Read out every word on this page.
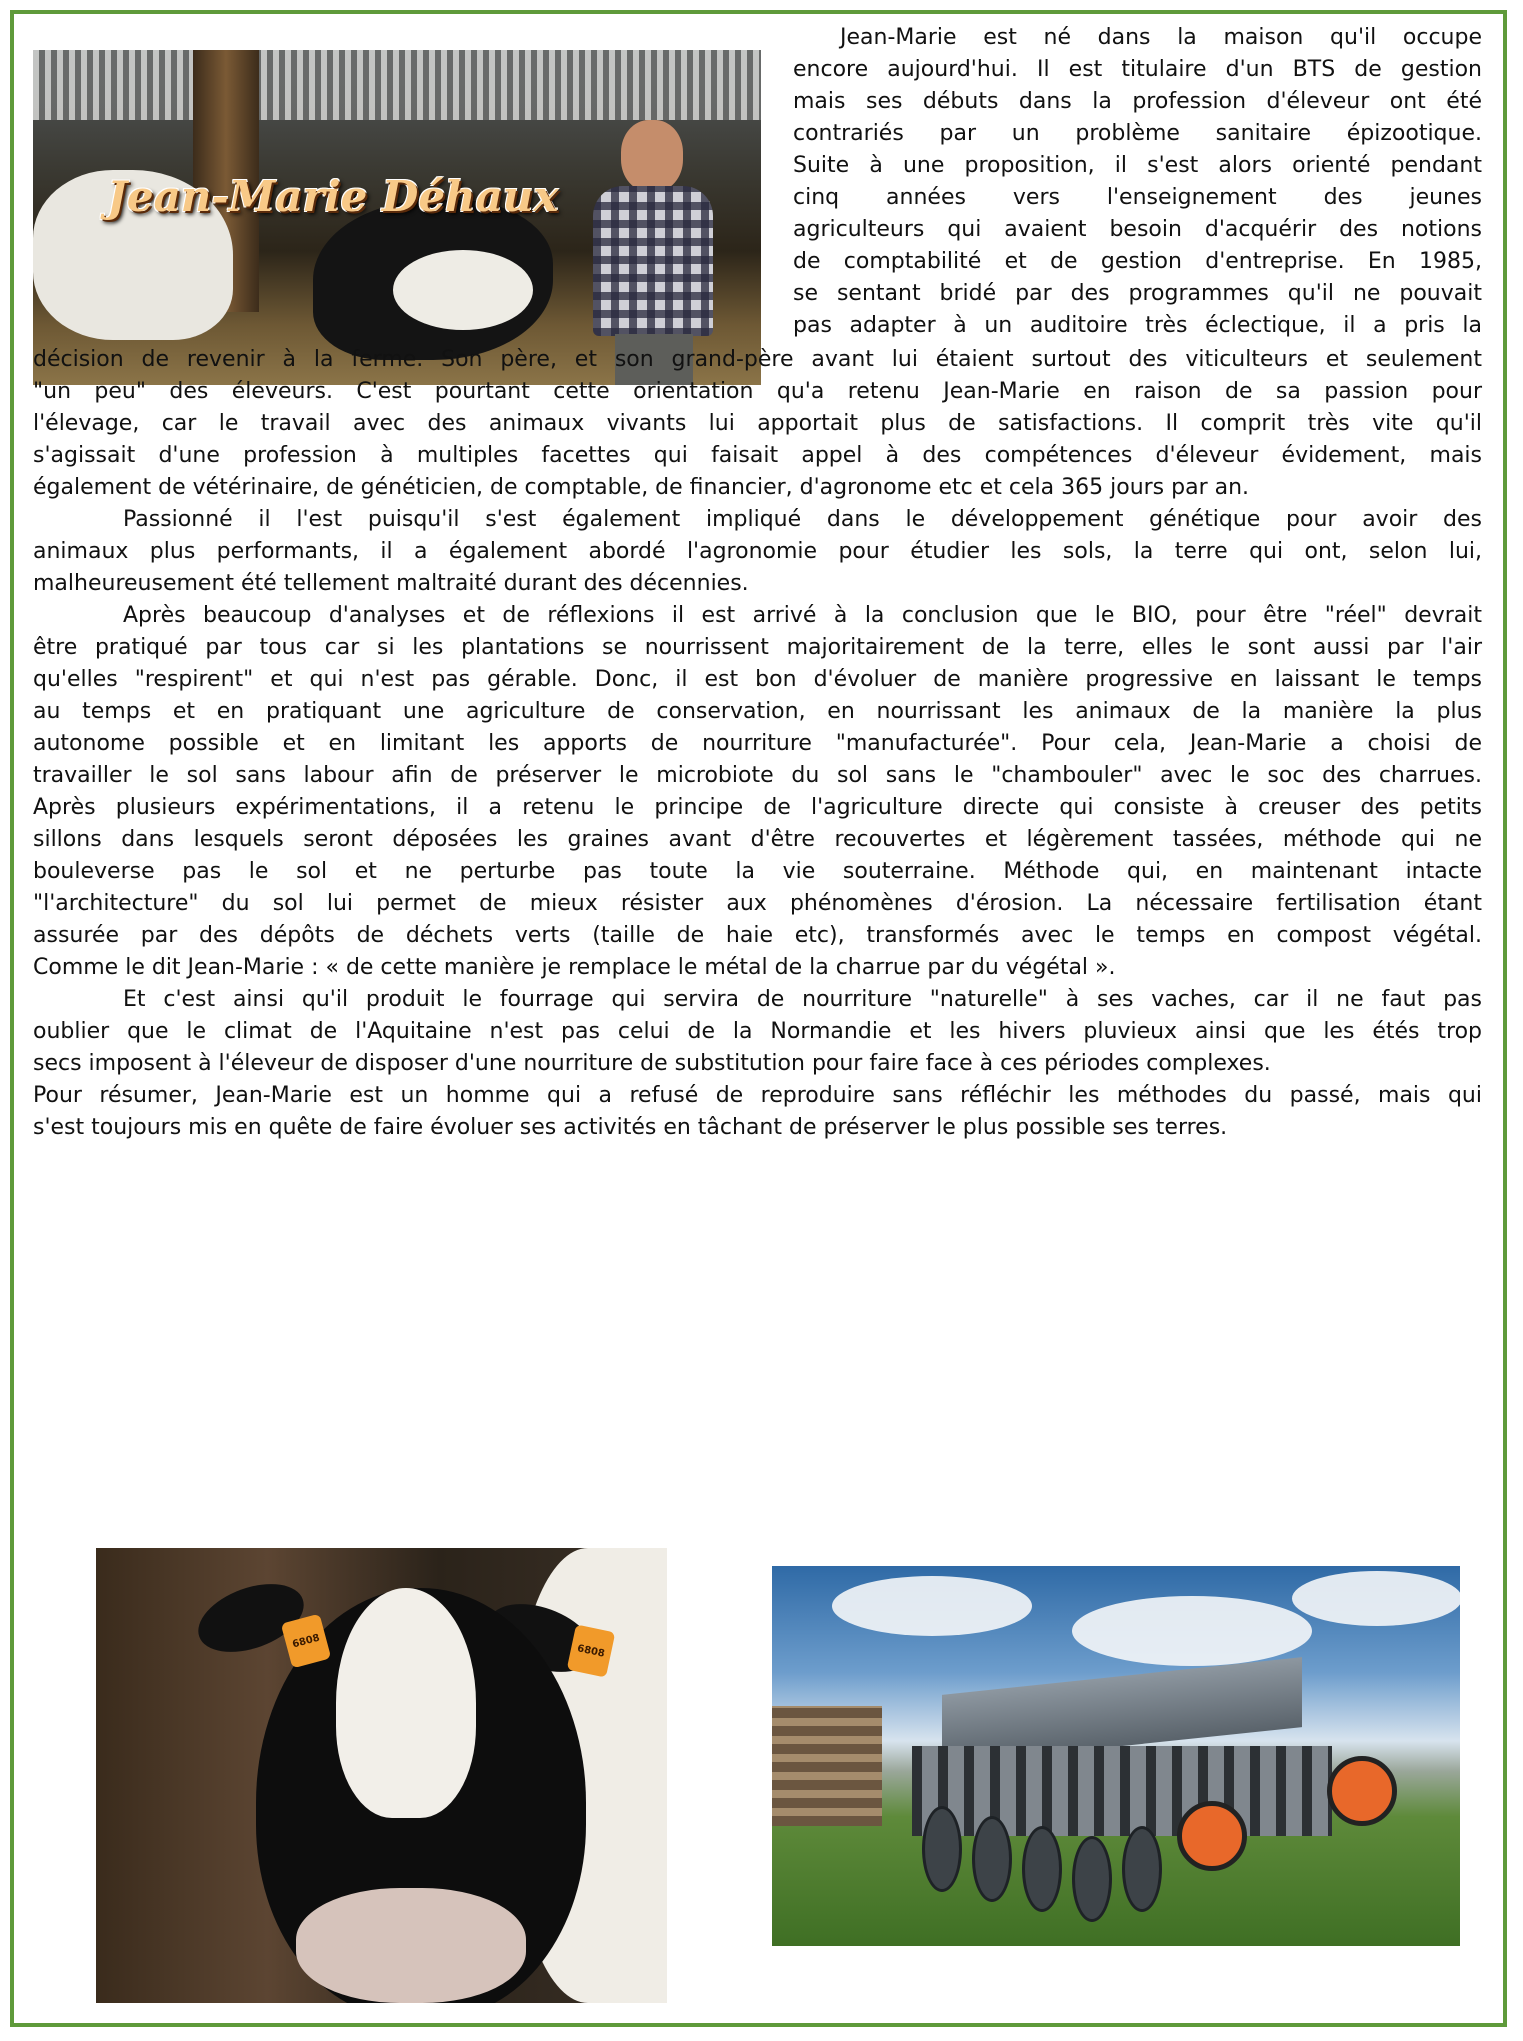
Jean-Marie Déhaux

Jean-Marie est né dans la maison qu'il occupe

encore aujourd'hui. Il est titulaire d'un BTS de gestion

mais ses débuts dans la profession d'éleveur ont été

contrariés par un problème sanitaire épizootique.

Suite à une proposition, il s'est alors orienté pendant

cinq années vers l'enseignement des jeunes

agriculteurs qui avaient besoin d'acquérir des notions

de comptabilité et de gestion d'entreprise. En 1985,

se sentant bridé par des programmes qu'il ne pouvait

pas adapter à un auditoire très éclectique, il a pris la

décision de revenir à la ferme. Son père, et son grand-père avant lui étaient surtout des viticulteurs et seulement

"un peu" des éleveurs. C'est pourtant cette orientation qu'a retenu Jean-Marie en raison de sa passion pour

l'élevage, car le travail avec des animaux vivants lui apportait plus de satisfactions. Il comprit très vite qu'il

s'agissait d'une profession à multiples facettes qui faisait appel à des compétences d'éleveur évidement, mais

également de vétérinaire, de généticien, de comptable, de financier, d'agronome etc et cela 365 jours par an.

Passionné il l'est puisqu'il s'est également impliqué dans le développement génétique pour avoir des

animaux plus performants, il a également abordé l'agronomie pour étudier les sols, la terre qui ont, selon lui,

malheureusement été tellement maltraité durant des décennies.

Après beaucoup d'analyses et de réflexions il est arrivé à la conclusion que le BIO, pour être "réel" devrait

être pratiqué par tous car si les plantations se nourrissent majoritairement de la terre, elles le sont aussi par l'air

qu'elles "respirent" et qui n'est pas gérable. Donc, il est bon d'évoluer de manière progressive en laissant le temps

au temps et en pratiquant une agriculture de conservation, en nourrissant les animaux de la manière la plus

autonome possible et en limitant les apports de nourriture "manufacturée". Pour cela, Jean-Marie a choisi de

travailler le sol sans labour afin de préserver le microbiote du sol sans le "chambouler" avec le soc des charrues.

Après plusieurs expérimentations, il a retenu le principe de l'agriculture directe qui consiste à creuser des petits

sillons dans lesquels seront déposées les graines avant d'être recouvertes et légèrement tassées, méthode qui ne

bouleverse pas le sol et ne perturbe pas toute la vie souterraine. Méthode qui, en maintenant intacte

"l'architecture" du sol lui permet de mieux résister aux phénomènes d'érosion. La nécessaire fertilisation étant

assurée par des dépôts de déchets verts (taille de haie etc), transformés avec le temps en compost végétal.

Comme le dit Jean-Marie : « de cette manière je remplace le métal de la charrue par du végétal ».

Et c'est ainsi qu'il produit le fourrage qui servira de nourriture "naturelle" à ses vaches, car il ne faut pas

oublier que le climat de l'Aquitaine n'est pas celui de la Normandie et les hivers pluvieux ainsi que les étés trop

secs imposent à l'éleveur de disposer d'une nourriture de substitution pour faire face à ces périodes complexes.

Pour résumer, Jean-Marie est un homme qui a refusé de reproduire sans réfléchir les méthodes du passé, mais qui

s'est toujours mis en quête de faire évoluer ses activités en tâchant de préserver le plus possible ses terres.

6808
6808
